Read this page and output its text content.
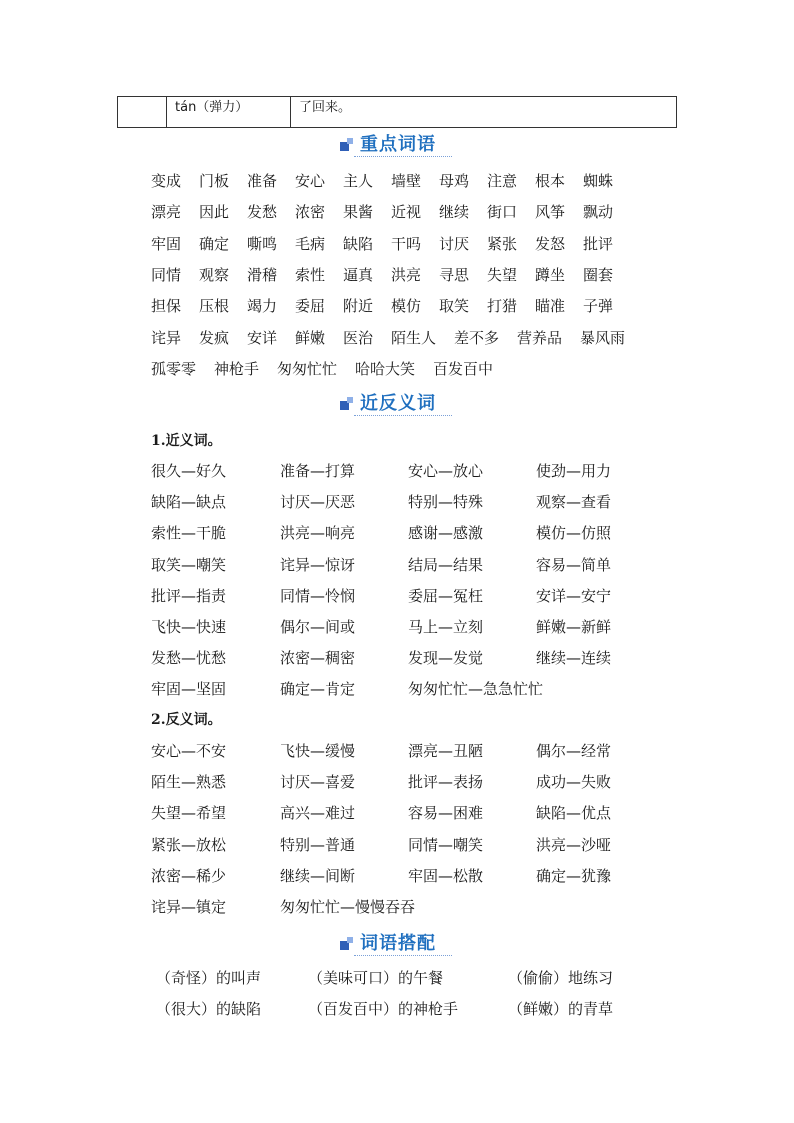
tán（弹力）	了回来。
重点词语
变成 门板 准备 安心 主人 墙壁 母鸡 注意 根本 蜘蛛
漂亮 因此 发愁 浓密 果酱 近视 继续 街口 风筝 飘动
牢固 确定 嘶鸣 毛病 缺陷 干吗 讨厌 紧张 发怒 批评
同情 观察 滑稽 索性 逼真 洪亮 寻思 失望 蹲坐 圈套
担保 压根 竭力 委屈 附近 模仿 取笑 打猎 瞄准 子弹
诧异 发疯 安详 鲜嫩 医治 陌生人 差不多 营养品 暴风雨
孤零零 神枪手 匆匆忙忙 哈哈大笑 百发百中
近反义词
1.近义词。
很久—好久	准备—打算	安心—放心	使劲—用力
缺陷—缺点	讨厌—厌恶	特别—特殊	观察—查看
索性—干脆	洪亮—响亮	感谢—感激	模仿—仿照
取笑—嘲笑	诧异—惊讶	结局—结果	容易—简单
批评—指责	同情—怜悯	委屈—冤枉	安详—安宁
飞快—快速	偶尔—间或	马上—立刻	鲜嫩—新鲜
发愁—忧愁	浓密—稠密	发现—发觉	继续—连续
牢固—坚固	确定—肯定	匆匆忙忙—急急忙忙
2.反义词。
安心—不安	飞快—缓慢	漂亮—丑陋	偶尔—经常
陌生—熟悉	讨厌—喜爱	批评—表扬	成功—失败
失望—希望	高兴—难过	容易—困难	缺陷—优点
紧张—放松	特别—普通	同情—嘲笑	洪亮—沙哑
浓密—稀少	继续—间断	牢固—松散	确定—犹豫
诧异—镇定	匆匆忙忙—慢慢吞吞
词语搭配
（奇怪）的叫声	（美味可口）的午餐	（偷偷）地练习
（很大）的缺陷	（百发百中）的神枪手	（鲜嫩）的青草
